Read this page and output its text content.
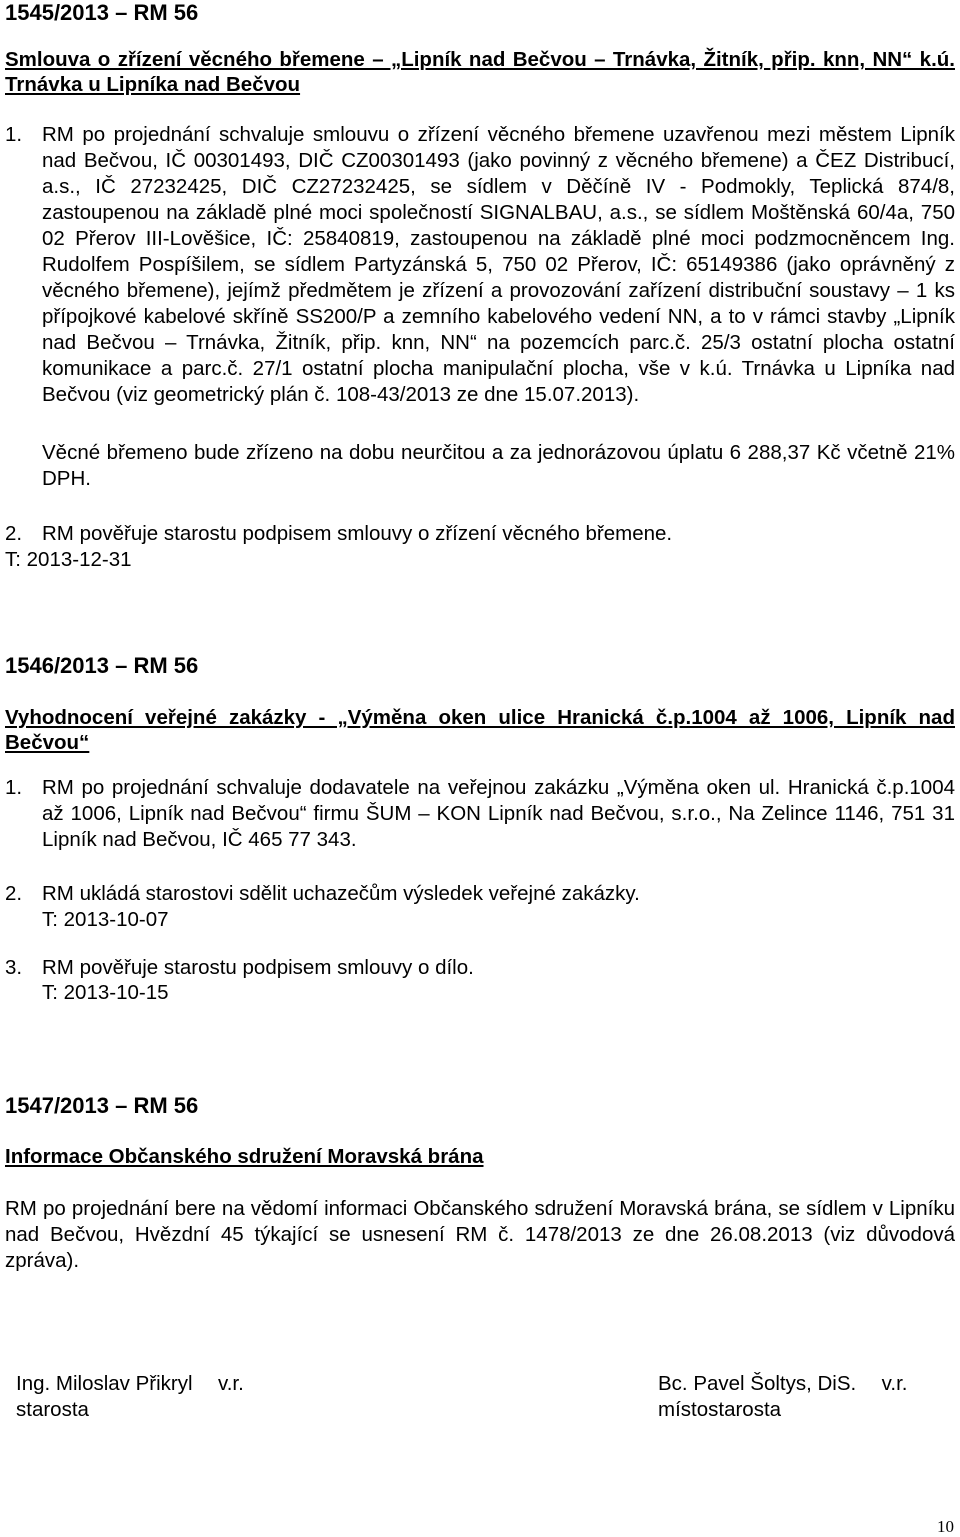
1545/2013 – RM 56
Smlouva o zřízení věcného břemene – „Lipník nad Bečvou – Trnávka, Žitník, přip. knn, NN“ k.ú. Trnávka u Lipníka nad Bečvou
1. RM po projednání schvaluje smlouvu o zřízení věcného břemene uzavřenou mezi městem Lipník nad Bečvou, IČ 00301493, DIČ CZ00301493 (jako povinný z věcného břemene) a ČEZ Distribucí, a.s., IČ 27232425, DIČ CZ27232425, se sídlem v Děčíně IV - Podmokly, Teplická 874/8, zastoupenou na základě plné moci společností SIGNALBAU, a.s., se sídlem Moštěnská 60/4a, 750 02 Přerov III-Lověšice, IČ: 25840819, zastoupenou na základě plné moci podzmocněncem Ing. Rudolfem Pospíšilem, se sídlem Partyzánská 5, 750 02 Přerov, IČ: 65149386 (jako oprávněný z věcného břemene), jejímž předmětem je zřízení a provozování zařízení distribuční soustavy – 1 ks přípojkové kabelové skříně SS200/P a zemního kabelového vedení NN, a to v rámci stavby „Lipník nad Bečvou – Trnávka, Žitník, přip. knn, NN“ na pozemcích parc.č. 25/3 ostatní plocha ostatní komunikace a parc.č. 27/1 ostatní plocha manipulační plocha, vše v k.ú. Trnávka u Lipníka nad Bečvou (viz geometrický plán č. 108-43/2013 ze dne 15.07.2013).
Věcné břemeno bude zřízeno na dobu neurčitou a za jednorázovou úplatu 6 288,37 Kč včetně 21% DPH.
2. RM pověřuje starostu podpisem smlouvy o zřízení věcného břemene.
T: 2013-12-31
1546/2013 – RM 56
Vyhodnocení veřejné zakázky - „Výměna oken ulice Hranická č.p.1004 až 1006, Lipník nad Bečvou“
1. RM po projednání schvaluje dodavatele na veřejnou zakázku „Výměna oken ul. Hranická č.p.1004 až 1006, Lipník nad Bečvou“ firmu ŠUM – KON Lipník nad Bečvou, s.r.o., Na Zelince 1146, 751 31 Lipník nad Bečvou, IČ 465 77 343.
2. RM ukládá starostovi sdělit uchazečům výsledek veřejné zakázky.
T: 2013-10-07
3. RM pověřuje starostu podpisem smlouvy o dílo.
T: 2013-10-15
1547/2013 – RM 56
Informace Občanského sdružení Moravská brána
RM po projednání bere na vědomí informaci Občanského sdružení Moravská brána, se sídlem v Lipníku nad Bečvou, Hvězdní 45 týkající se usnesení RM č. 1478/2013 ze dne 26.08.2013 (viz důvodová zpráva).
Ing. Miloslav Přikryl v.r.
starosta
Bc. Pavel Šoltys, DiS. v.r.
místostarosta
10
